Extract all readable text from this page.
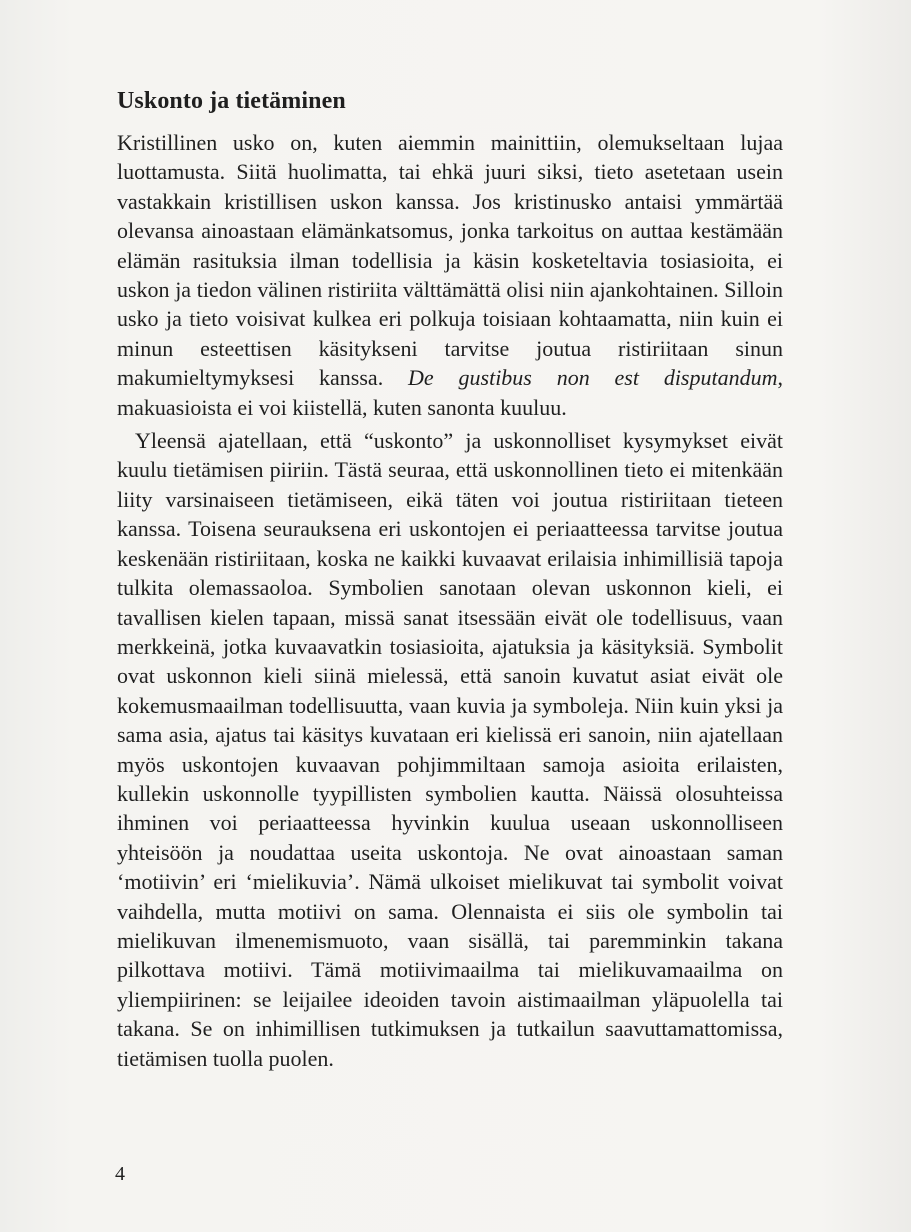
Uskonto ja tietäminen

Kristillinen usko on, kuten aiemmin mainittiin, olemukseltaan lujaa luottamusta. Siitä huolimatta, tai ehkä juuri siksi, tieto asetetaan usein vastakkain kristillisen uskon kanssa. Jos kristinusko antaisi ymmärtää olevansa ainoastaan elämänkatsomus, jonka tarkoitus on auttaa kestämään elämän rasituksia ilman todellisia ja käsin kosketeltavia tosiasioita, ei uskon ja tiedon välinen ristiriita välttämättä olisi niin ajankohtainen. Silloin usko ja tieto voisivat kulkea eri polkuja toisiaan kohtaamatta, niin kuin ei minun esteettisen käsitykseni tarvitse joutua ristiriitaan sinun makumieltymyksesi kanssa. De gustibus non est disputandum, makuasioista ei voi kiistellä, kuten sanonta kuuluu.

Yleensä ajatellaan, että “uskonto” ja uskonnolliset kysymykset eivät kuulu tietämisen piiriin. Tästä seuraa, että uskonnollinen tieto ei mitenkään liity varsinaiseen tietämiseen, eikä täten voi joutua ristiriitaan tieteen kanssa. Toisena seurauksena eri uskontojen ei periaatteessa tarvitse joutua keskenään ristiriitaan, koska ne kaikki kuvaavat erilaisia inhimillisiä tapoja tulkita olemassaoloa. Symbolien sanotaan olevan uskonnon kieli, ei tavallisen kielen tapaan, missä sanat itsessään eivät ole todellisuus, vaan merkkeinä, jotka kuvaavatkin tosiasioita, ajatuksia ja käsityksiä. Symbolit ovat uskonnon kieli siinä mielessä, että sanoin kuvatut asiat eivät ole kokemusmaailman todellisuutta, vaan kuvia ja symboleja. Niin kuin yksi ja sama asia, ajatus tai käsitys kuvataan eri kielissä eri sanoin, niin ajatellaan myös uskontojen kuvaavan pohjimmiltaan samoja asioita erilaisten, kullekin uskonnolle tyypillisten symbolien kautta. Näissä olosuhteissa ihminen voi periaatteessa hyvinkin kuulua useaan uskonnolliseen yhteisöön ja noudattaa useita uskontoja. Ne ovat ainoastaan saman ‘motiivin’ eri ‘mielikuvia’. Nämä ulkoiset mielikuvat tai symbolit voivat vaihdella, mutta motiivi on sama. Olennaista ei siis ole symbolin tai mielikuvan ilmenemismuoto, vaan sisällä, tai paremminkin takana pilkottava motiivi. Tämä motiivimaailma tai mielikuvamaailma on yliempiirinen: se leijailee ideoiden tavoin aistimaailman yläpuolella tai takana. Se on inhimillisen tutkimuksen ja tutkailun saavuttamattomissa, tietämisen tuolla puolen.

4
